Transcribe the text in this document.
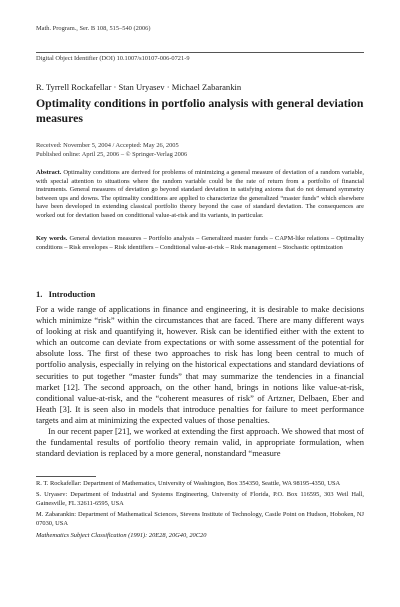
Math. Program., Ser. B 108, 515–540 (2006)
Digital Object Identifier (DOI) 10.1007/s10107-006-0721-9
R. Tyrrell Rockafellar · Stan Uryasev · Michael Zabarankin
Optimality conditions in portfolio analysis with general deviation measures
Received: November 5, 2004 / Accepted: May 26, 2005
Published online: April 25, 2006 – © Springer-Verlag 2006

Abstract. Optimality conditions are derived for problems of minimizing a general measure of deviation of a random variable, with special attention to situations where the random variable could be the rate of return from a portfolio of financial instruments. General measures of deviation go beyond standard deviation in satisfying axioms that do not demand symmetry between ups and downs. The optimality conditions are applied to characterize the generalized “master funds” which elsewhere have been developed in extending classical portfolio theory beyond the case of standard deviation. The consequences are worked out for deviation based on conditional value-at-risk and its variants, in particular.

Key words. General deviation measures – Portfolio analysis – Generalized master funds – CAPM-like relations – Optimality conditions – Risk envelopes – Risk identifiers – Conditional value-at-risk – Risk management – Stochastic optimization

1. Introduction

For a wide range of applications in finance and engineering, it is desirable to make decisions which minimize “risk” within the circumstances that are faced. There are many different ways of looking at risk and quantifying it, however. Risk can be identified either with the extent to which an outcome can deviate from expectations or with some assessment of the potential for absolute loss. The first of these two approaches to risk has long been central to much of portfolio analysis, especially in relying on the historical expectations and standard deviations of securities to put together “master funds” that may summarize the tendencies in a financial market [12]. The second approach, on the other hand, brings in notions like value-at-risk, conditional value-at-risk, and the “coherent measures of risk” of Artzner, Delbaen, Eber and Heath [3]. It is seen also in models that introduce penalties for failure to meet performance targets and aim at minimizing the expected values of those penalties.

In our recent paper [21], we worked at extending the first approach. We showed that most of the fundamental results of portfolio theory remain valid, in appropriate formulation, when standard deviation is replaced by a more general, nonstandard “measure

R. T. Rockafellar: Department of Mathematics, University of Washington, Box 354350, Seattle, WA 98195-4350, USA

S. Uryasev: Department of Industrial and Systems Engineering, University of Florida, P.O. Box 116595, 303 Weil Hall, Gainesville, FL 32611-6595, USA

M. Zabarankin: Department of Mathematical Sciences, Stevens Institute of Technology, Castle Point on Hudson, Hoboken, NJ 07030, USA

Mathematics Subject Classification (1991): 20E28, 20G40, 20C20
